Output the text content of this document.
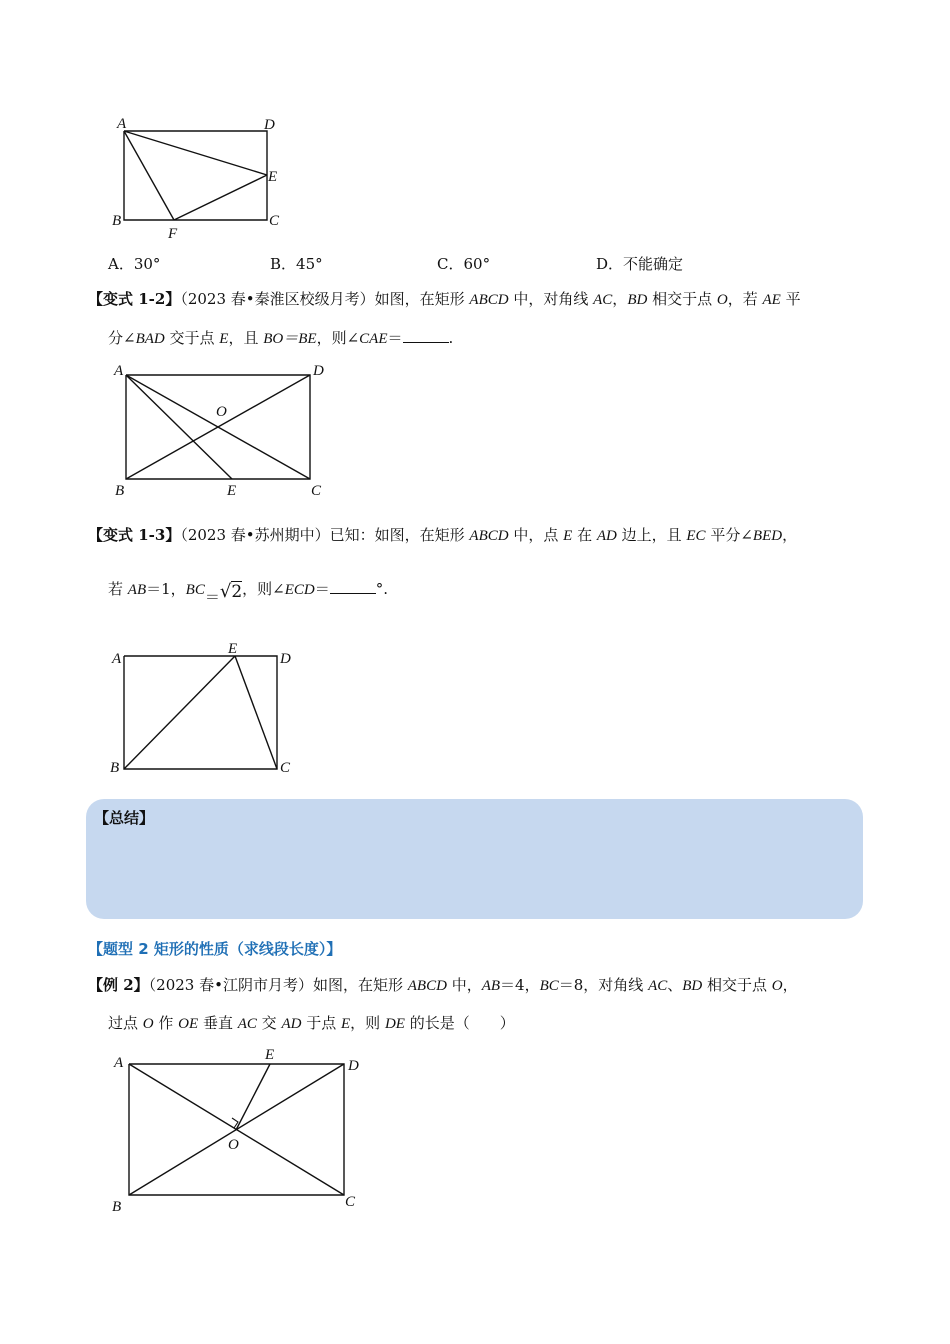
A	D
E
B
F
C
A．30°	B．45°	C．60°	D．不能确定
【变式 1-2】（2023 春•秦淮区校级月考）如图，在矩形 ABCD 中，对角线 AC，BD 相交于点 O，若 AE 平
分∠BAD 交于点 E，且 BO＝BE，则∠CAE＝	.
A	D
O
B	E	C
【变式 1-3】（2023 春•苏州期中）已知：如图，在矩形 ABCD 中，点 E 在 AD 边上，且 EC 平分∠BED，
若 AB＝1，BC＝√2，则∠ECD＝	°.
A
E
D
B	C
【总结】
【题型 2 矩形的性质（求线段长度）】
【例 2】（2023 春•江阴市月考）如图，在矩形 ABCD 中，AB＝4，BC＝8，对角线 AC、BD 相交于点 O，
过点 O 作 OE 垂直 AC 交 AD 于点 E，则 DE 的长是（　　）
A	E
D
O
B	C
